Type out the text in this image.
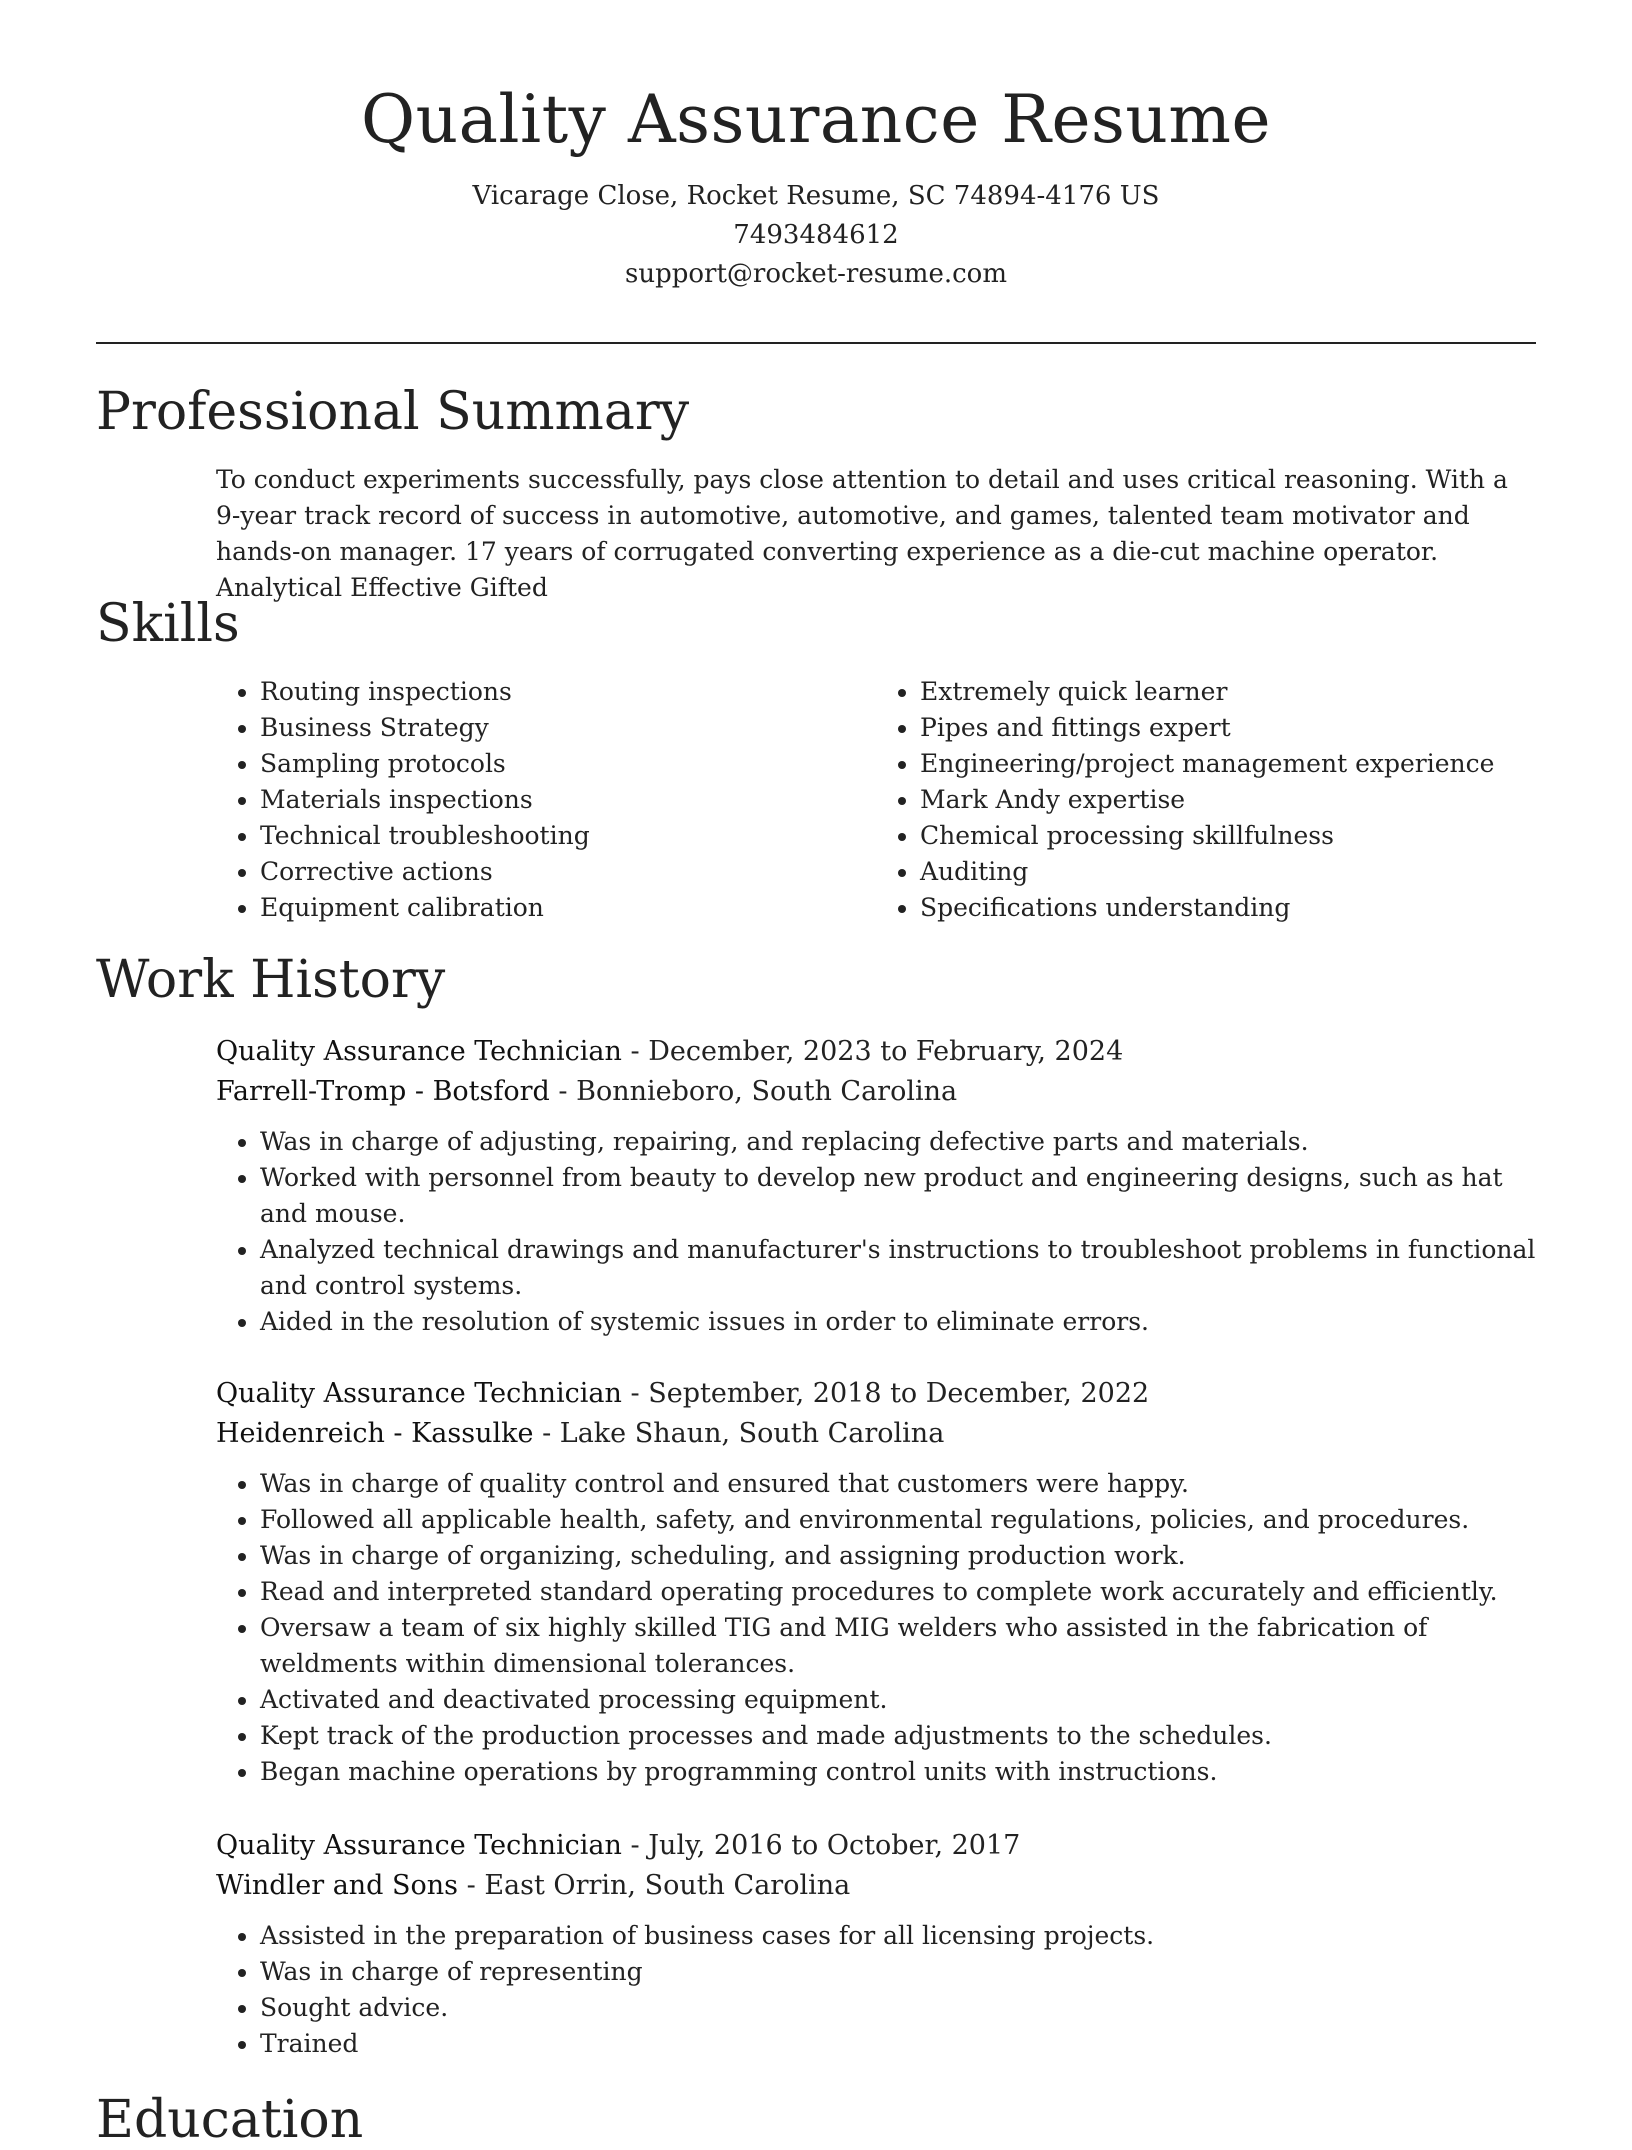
Quality Assurance Resume
Vicarage Close, Rocket Resume, SC 74894-4176 US
7493484612
support@rocket-resume.com
Professional Summary

To conduct experiments successfully, pays close attention to detail and uses critical reasoning. With a 9-year track record of success in automotive, automotive, and games, talented team motivator and hands-on manager. 17 years of corrugated converting experience as a die-cut machine operator. Analytical Effective Gifted

Skills
• Routing inspections
• Business Strategy
• Sampling protocols
• Materials inspections
• Technical troubleshooting
• Corrective actions
• Equipment calibration
• Extremely quick learner
• Pipes and fittings expert
• Engineering/project management experience
• Mark Andy expertise
• Chemical processing skillfulness
• Auditing
• Specifications understanding
Work History
Quality Assurance Technician - December, 2023 to February, 2024
Farrell-Tromp - Botsford - Bonnieboro, South Carolina
• Was in charge of adjusting, repairing, and replacing defective parts and materials.
• Worked with personnel from beauty to develop new product and engineering designs, such as hat and mouse.
• Analyzed technical drawings and manufacturer's instructions to troubleshoot problems in functional and control systems.
• Aided in the resolution of systemic issues in order to eliminate errors.
Quality Assurance Technician - September, 2018 to December, 2022
Heidenreich - Kassulke - Lake Shaun, South Carolina
• Was in charge of quality control and ensured that customers were happy.
• Followed all applicable health, safety, and environmental regulations, policies, and procedures.
• Was in charge of organizing, scheduling, and assigning production work.
• Read and interpreted standard operating procedures to complete work accurately and efficiently.
• Oversaw a team of six highly skilled TIG and MIG welders who assisted in the fabrication of weldments within dimensional tolerances.
• Activated and deactivated processing equipment.
• Kept track of the production processes and made adjustments to the schedules.
• Began machine operations by programming control units with instructions.
Quality Assurance Technician - July, 2016 to October, 2017
Windler and Sons - East Orrin, South Carolina
• Assisted in the preparation of business cases for all licensing projects.
• Was in charge of representing
• Sought advice.
• Trained
Education
